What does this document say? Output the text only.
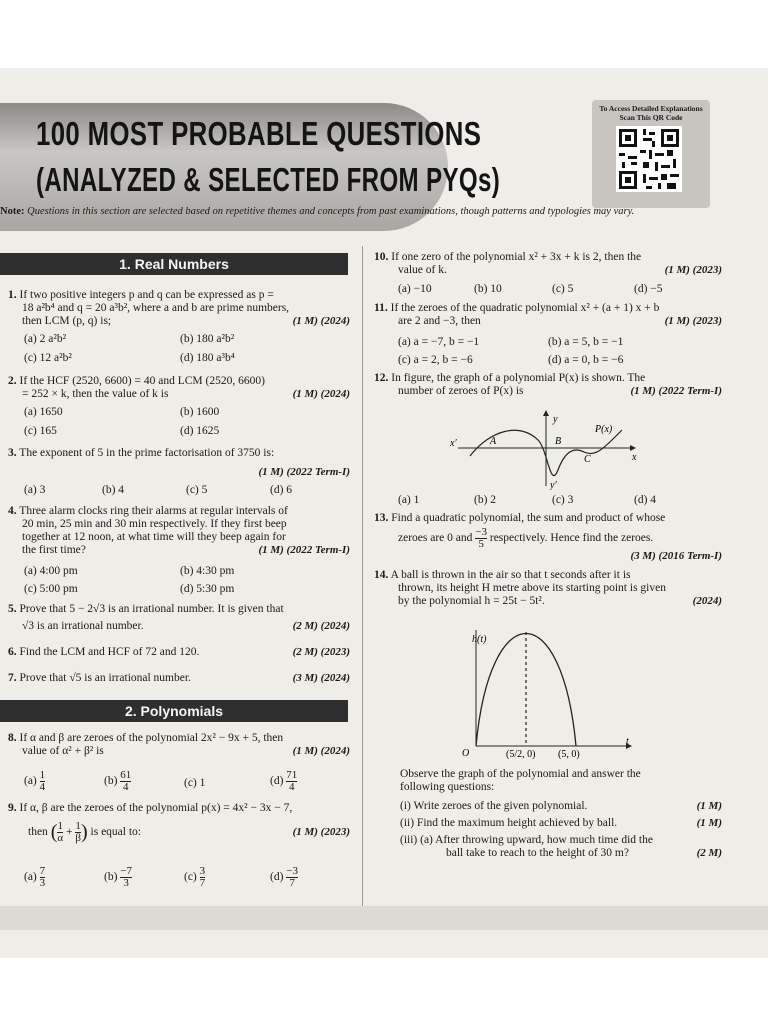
100 MOST PROBABLE QUESTIONS
(ANALYZED & SELECTED FROM PYQs)
To Access Detailed Explanations
Scan This QR Code
Note: Questions in this section are selected based on repetitive themes and concepts from past examinations, though patterns and typologies may vary.
1. Real Numbers
1. If two positive integers p and q can be expressed as p =
18 a²b⁴ and q = 20 a³b², where a and b are prime numbers,
then LCM (p, q) is;	(1 M) (2024)
(a) 2 a²b²	(b) 180 a²b²
(c) 12 a²b²	(d) 180 a³b⁴
2. If the HCF (2520, 6600) = 40 and LCM (2520, 6600)
= 252 × k, then the value of k is	(1 M) (2024)
(a) 1650	(b) 1600
(c) 165	(d) 1625
3. The exponent of 5 in the prime factorisation of 3750 is:
(1 M) (2022 Term-I)
(a) 3	(b) 4	(c) 5	(d) 6
4. Three alarm clocks ring their alarms at regular intervals of
20 min, 25 min and 30 min respectively. If they first beep
together at 12 noon, at what time will they beep again for
the first time?	(1 M) (2022 Term-I)
(a) 4:00 pm	(b) 4:30 pm
(c) 5:00 pm	(d) 5:30 pm
5. Prove that 5 − 2√3 is an irrational number. It is given that
√3 is an irrational number.	(2 M) (2024)
6. Find the LCM and HCF of 72 and 120.	(2 M) (2023)
7. Prove that √5 is an irrational number.	(3 M) (2024)
2. Polynomials
8. If α and β are zeroes of the polynomial 2x² − 9x + 5, then
value of α² + β² is	(1 M) (2024)
$(a) \frac{1}{4}$	$(b) \frac{61}{4}$	(c) 1	$(d) \frac{71}{4}$
9. If α, β are the zeroes of the polynomial p(x) = 4x² − 3x − 7,
then ( $\frac{1}{\alpha} + \frac{1}{\beta}$ ) is equal to:	(1 M) (2023)
$(a) \frac{7}{3}$	$(b) \frac{-7}{3}$	$(c) \frac{3}{7}$	$(d) \frac{-3}{7}$
10. If one zero of the polynomial x² + 3x + k is 2, then the
value of k.	(1 M) (2023)
(a) −10	(b) 10	(c) 5	(d) −5
11. If the zeroes of the quadratic polynomial x² + (a + 1) x + b
are 2 and −3, then	(1 M) (2023)
(a) a = −7, b = −1	(b) a = 5, b = −1
(c) a = 2, b = −6	(d) a = 0, b = −6
12. In figure, the graph of a polynomial P(x) is shown. The
number of zeroes of P(x) is	(1 M) (2022 Term-I)
y
P(x)
A	B
C
x′
x
y′
(a) 1	(b) 2	(c) 3	(d) 4
13. Find a quadratic polynomial, the sum and product of whose
zeroes are 0 and $\frac{-3}{5}$ respectively. Hence find the zeroes.
(3 M) (2016 Term-I)
14. A ball is thrown in the air so that t seconds after it is
thrown, its height H metre above its starting point is given
by the polynomial h = 25t − 5t².	(2024)
h(t)
O	(5/2, 0) (5, 0)
t
Observe the graph of the polynomial and answer the
following questions:
(i) Write zeroes of the given polynomial.	(1 M)
(ii) Find the maximum height achieved by ball.	(1 M)
(iii) (a) After throwing upward, how much time did the
ball take to reach to the height of 30 m?	(2 M)
